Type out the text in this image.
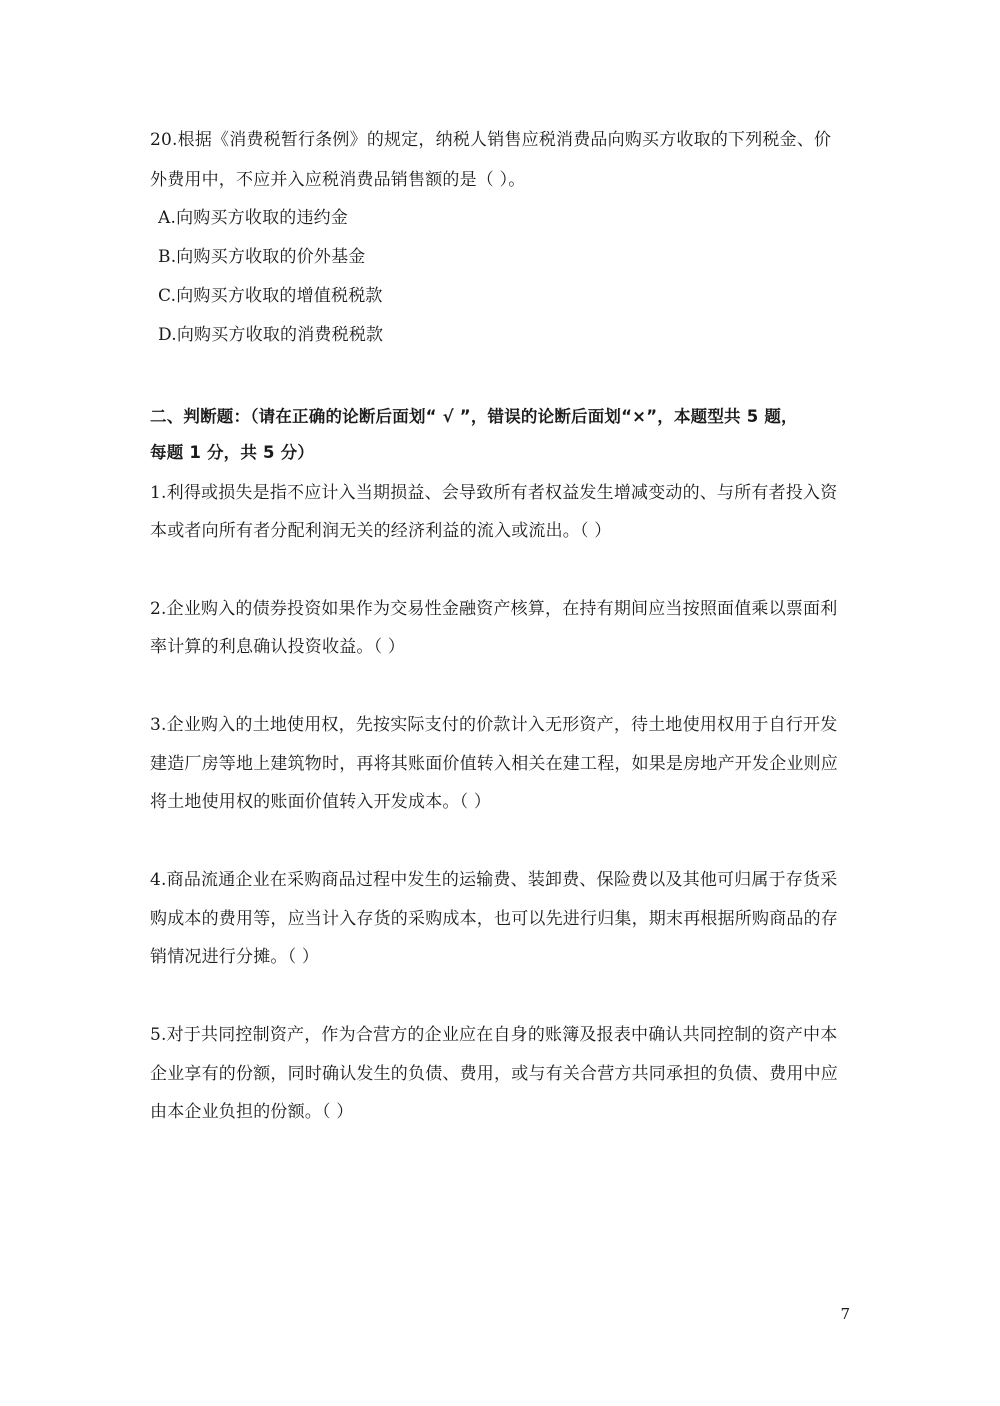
20.根据《消费税暂行条例》的规定，纳税人销售应税消费品向购买方收取的下列税金、价
外费用中，不应并入应税消费品销售额的是（ ）。
A.向购买方收取的违约金
B.向购买方收取的价外基金
C.向购买方收取的增值税税款
D.向购买方收取的消费税税款
二、判断题：（请在正确的论断后面划“ √ ”，错误的论断后面划“×”，本题型共 5 题，
每题 1 分，共 5 分）
1.利得或损失是指不应计入当期损益、会导致所有者权益发生增减变动的、与所有者投入资
本或者向所有者分配利润无关的经济利益的流入或流出。（ ）
2.企业购入的债券投资如果作为交易性金融资产核算，在持有期间应当按照面值乘以票面利
率计算的利息确认投资收益。（ ）
3.企业购入的土地使用权，先按实际支付的价款计入无形资产，待土地使用权用于自行开发
建造厂房等地上建筑物时，再将其账面价值转入相关在建工程，如果是房地产开发企业则应
将土地使用权的账面价值转入开发成本。（ ）
4.商品流通企业在采购商品过程中发生的运输费、装卸费、保险费以及其他可归属于存货采
购成本的费用等，应当计入存货的采购成本，也可以先进行归集，期末再根据所购商品的存
销情况进行分摊。（ ）
5.对于共同控制资产，作为合营方的企业应在自身的账簿及报表中确认共同控制的资产中本
企业享有的份额，同时确认发生的负债、费用，或与有关合营方共同承担的负债、费用中应
由本企业负担的份额。（ ）
7
